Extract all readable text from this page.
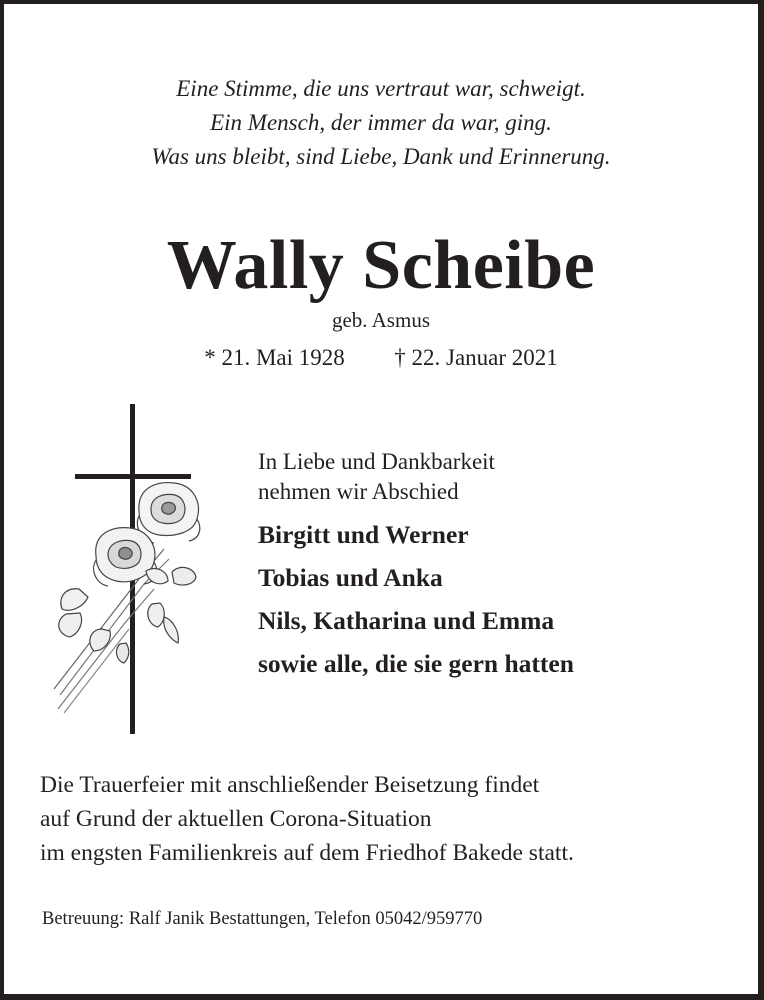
Eine Stimme, die uns vertraut war, schweigt.
Ein Mensch, der immer da war, ging.
Was uns bleibt, sind Liebe, Dank und Erinnerung.
Wally Scheibe
geb. Asmus
* 21. Mai 1928 † 22. Januar 2021
In Liebe und Dankbarkeit
nehmen wir Abschied
Birgitt und Werner
Tobias und Anka
Nils, Katharina und Emma
sowie alle, die sie gern hatten
Die Trauerfeier mit anschließender Beisetzung findet
auf Grund der aktuellen Corona-Situation
im engsten Familienkreis auf dem Friedhof Bakede statt.
Betreuung: Ralf Janik Bestattungen, Telefon 05042/959770
